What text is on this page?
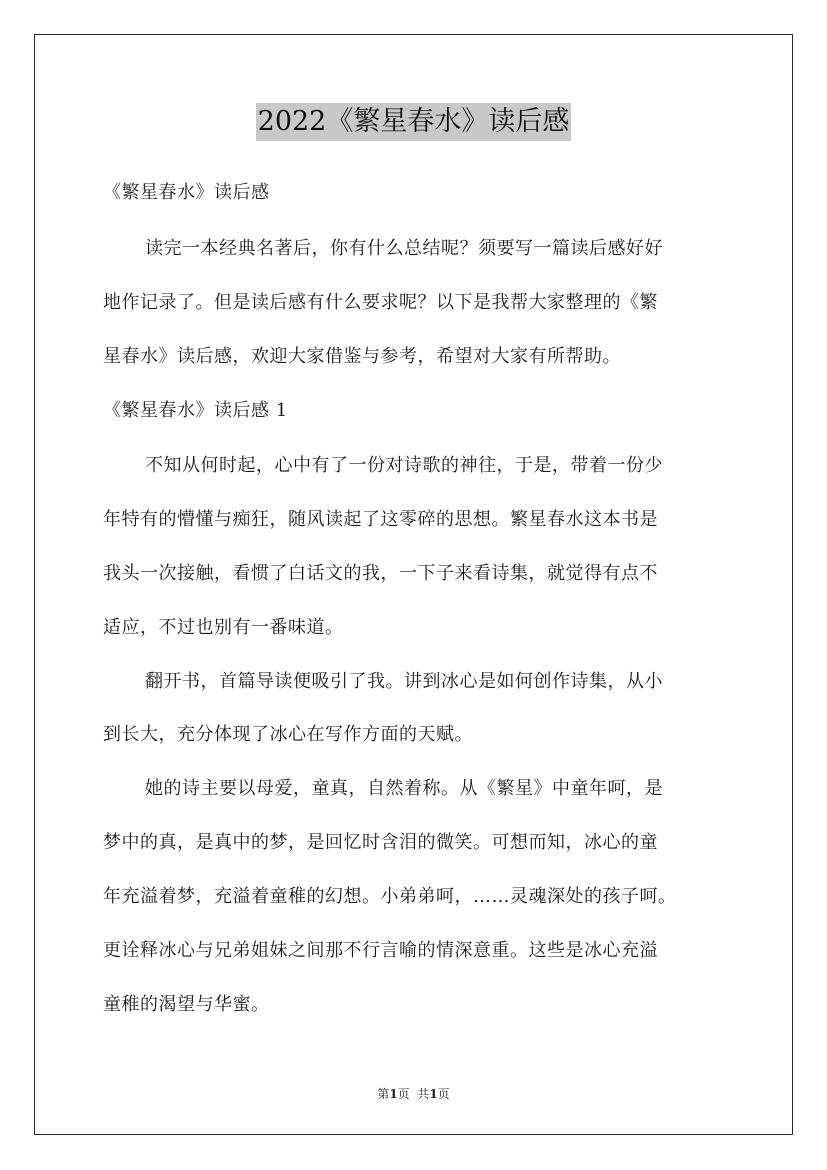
2022《繁星春水》读后感
《繁星春水》读后感
读完一本经典名著后，你有什么总结呢？须要写一篇读后感好好
地作记录了。但是读后感有什么要求呢？以下是我帮大家整理的《繁
星春水》读后感，欢迎大家借鉴与参考，希望对大家有所帮助。
《繁星春水》读后感 1
不知从何时起，心中有了一份对诗歌的神往，于是，带着一份少
年特有的懵懂与痴狂，随风读起了这零碎的思想。繁星春水这本书是
我头一次接触，看惯了白话文的我，一下子来看诗集，就觉得有点不
适应，不过也别有一番味道。
翻开书，首篇导读便吸引了我。讲到冰心是如何创作诗集，从小
到长大，充分体现了冰心在写作方面的天赋。
她的诗主要以母爱，童真，自然着称。从《繁星》中童年呵，是
梦中的真，是真中的梦，是回忆时含泪的微笑。可想而知，冰心的童
年充溢着梦，充溢着童稚的幻想。小弟弟呵，……灵魂深处的孩子呵。
更诠释冰心与兄弟姐妹之间那不行言喻的情深意重。这些是冰心充溢
童稚的渴望与华蜜。
第1页  共1页
